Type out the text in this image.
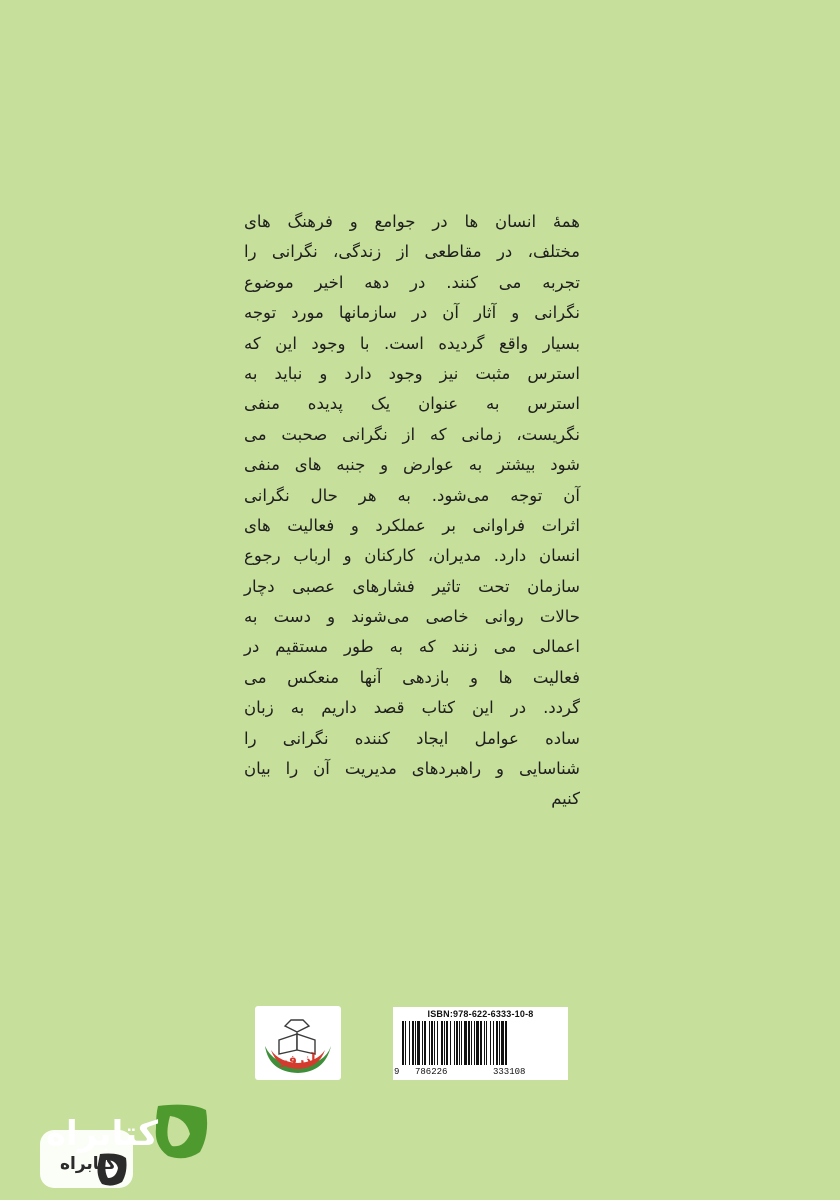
همهٔ انسان ها در جوامع و فرهنگ های
مختلف، در مقاطعی از زندگی، نگرانی را
تجربه می کنند. در دهه اخیر موضوع
نگرانی و آثار آن در سازمانها مورد توجه
بسیار واقع گردیده است. با وجود این که
استرس مثبت نیز وجود دارد و نباید به
استرس به عنوان یک پدیده منفی
نگریست، زمانی که از نگرانی صحبت می
شود بیشتر به عوارض و جنبه های منفی
آن توجه می‌شود. به هر حال نگرانی
اثرات فراوانی بر عملکرد و فعالیت های
انسان دارد. مدیران، کارکنان و ارباب رجوع
سازمان تحت تاثیر فشارهای عصبی دچار
حالات روانی خاصی می‌شوند و دست به
اعمالی می زنند که به طور مستقیم در
فعالیت ها و بازدهی آنها منعکس می
گردد. در این کتاب قصد داریم به زبان
ساده عوامل ایجاد کننده نگرانی را
شناسایی و راهبردهای مدیریت آن را بیان
کنیم
آذرفر
ISBN:978-622-6333-10-8
9 786226	333108
کتابراه
کتابراه
